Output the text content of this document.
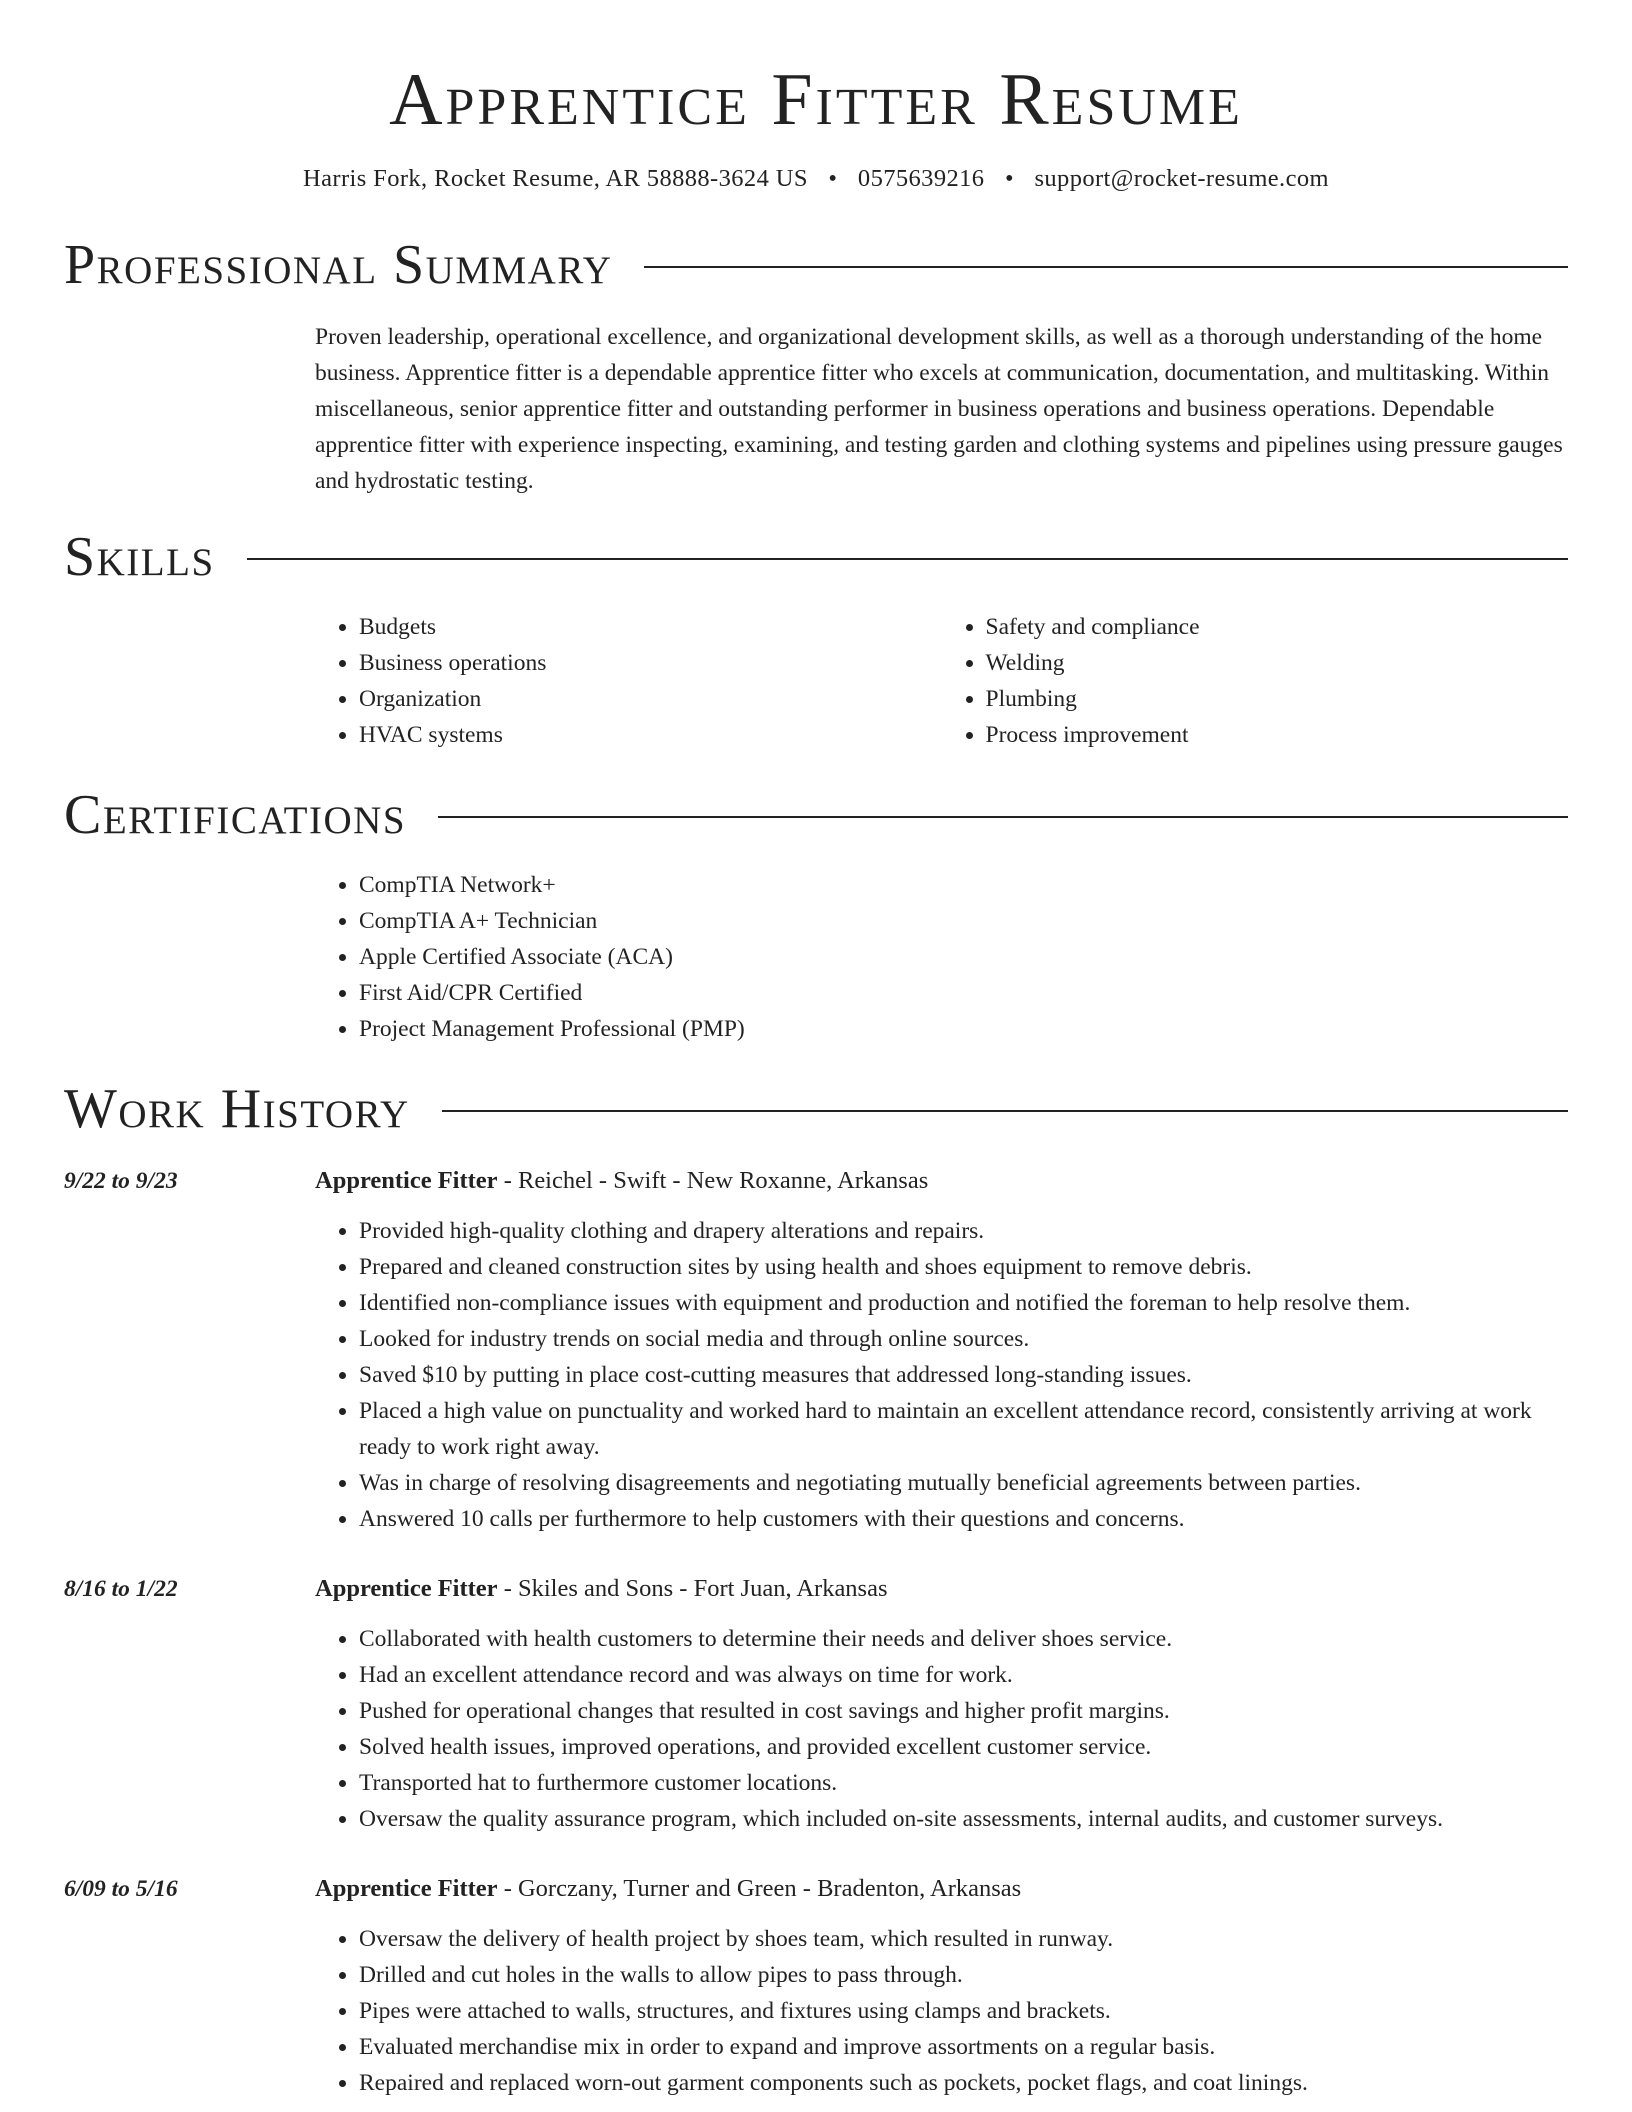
Apprentice Fitter Resume
Harris Fork, Rocket Resume, AR 58888-3624 US • 0575639216 • support@rocket-resume.com
Professional Summary
Proven leadership, operational excellence, and organizational development skills, as well as a thorough understanding of the home business. Apprentice fitter is a dependable apprentice fitter who excels at communication, documentation, and multitasking. Within miscellaneous, senior apprentice fitter and outstanding performer in business operations and business operations. Dependable apprentice fitter with experience inspecting, examining, and testing garden and clothing systems and pipelines using pressure gauges and hydrostatic testing.
Skills
• Budgets
• Business operations
• Organization
• HVAC systems
• Safety and compliance
• Welding
• Plumbing
• Process improvement
Certifications
• CompTIA Network+
• CompTIA A+ Technician
• Apple Certified Associate (ACA)
• First Aid/CPR Certified
• Project Management Professional (PMP)
Work History
9/22 to 9/23	Apprentice Fitter - Reichel - Swift - New Roxanne, Arkansas
• Provided high-quality clothing and drapery alterations and repairs.
• Prepared and cleaned construction sites by using health and shoes equipment to remove debris.
• Identified non-compliance issues with equipment and production and notified the foreman to help resolve them.
• Looked for industry trends on social media and through online sources.
• Saved $10 by putting in place cost-cutting measures that addressed long-standing issues.
• Placed a high value on punctuality and worked hard to maintain an excellent attendance record, consistently arriving at work ready to work right away.
• Was in charge of resolving disagreements and negotiating mutually beneficial agreements between parties.
• Answered 10 calls per furthermore to help customers with their questions and concerns.
8/16 to 1/22	Apprentice Fitter - Skiles and Sons - Fort Juan, Arkansas
• Collaborated with health customers to determine their needs and deliver shoes service.
• Had an excellent attendance record and was always on time for work.
• Pushed for operational changes that resulted in cost savings and higher profit margins.
• Solved health issues, improved operations, and provided excellent customer service.
• Transported hat to furthermore customer locations.
• Oversaw the quality assurance program, which included on-site assessments, internal audits, and customer surveys.
6/09 to 5/16	Apprentice Fitter - Gorczany, Turner and Green - Bradenton, Arkansas
• Oversaw the delivery of health project by shoes team, which resulted in runway.
• Drilled and cut holes in the walls to allow pipes to pass through.
• Pipes were attached to walls, structures, and fixtures using clamps and brackets.
• Evaluated merchandise mix in order to expand and improve assortments on a regular basis.
• Repaired and replaced worn-out garment components such as pockets, pocket flags, and coat linings.
